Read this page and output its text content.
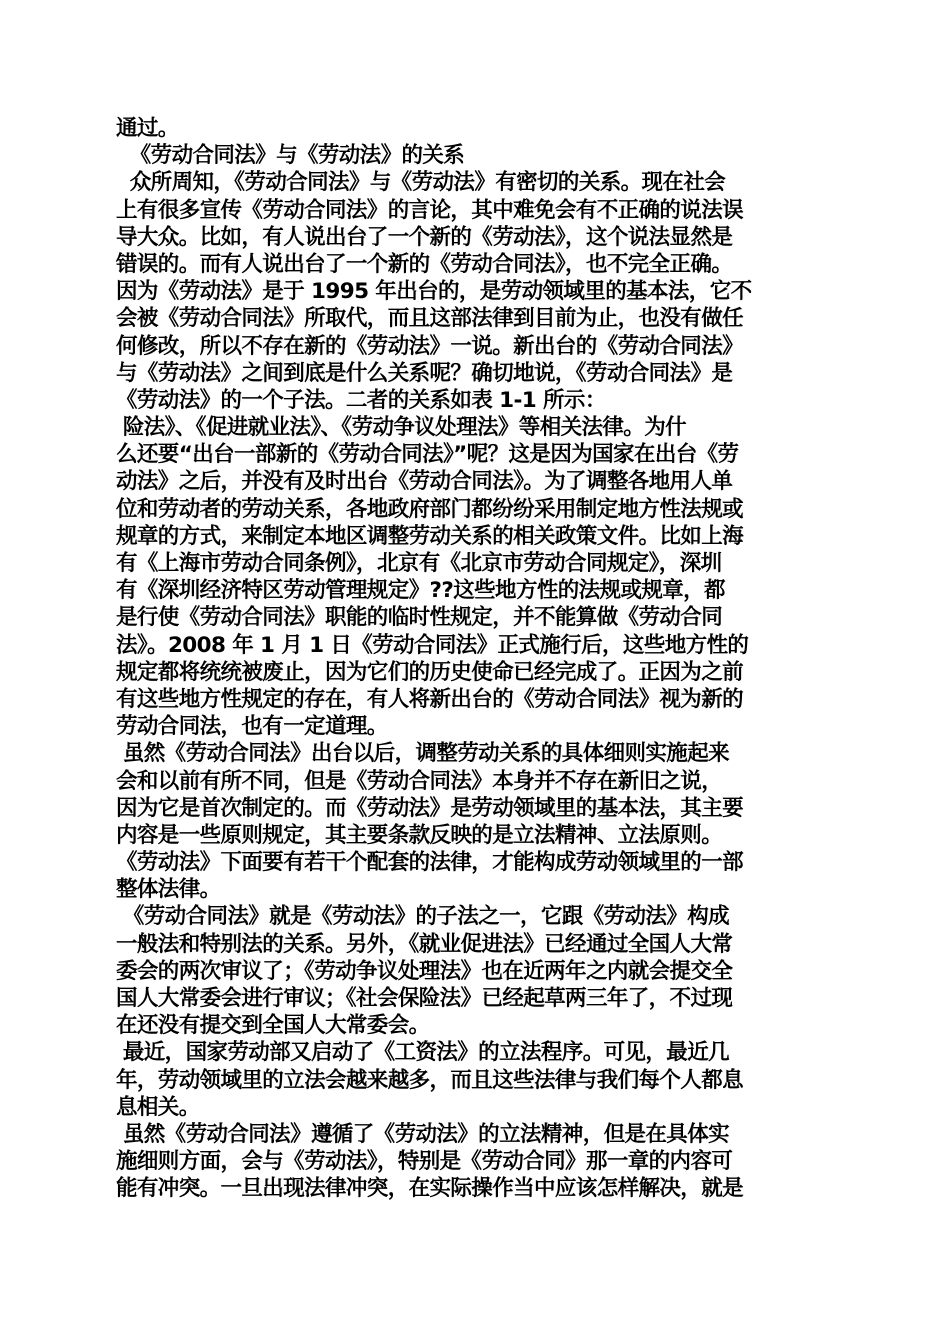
通过。
《劳动合同法》与《劳动法》的关系
众所周知，《劳动合同法》与《劳动法》有密切的关系。现在社会
上有很多宣传《劳动合同法》的言论，其中难免会有不正确的说法误
导大众。比如，有人说出台了一个新的《劳动法》，这个说法显然是
错误的。而有人说出台了一个新的《劳动合同法》，也不完全正确。
因为《劳动法》是于 1995 年出台的，是劳动领域里的基本法，它不
会被《劳动合同法》所取代，而且这部法律到目前为止，也没有做任
何修改，所以不存在新的《劳动法》一说。新出台的《劳动合同法》
与《劳动法》之间到底是什么关系呢？确切地说，《劳动合同法》是
《劳动法》的一个子法。二者的关系如表 1-1 所示：
险法》、《促进就业法》、《劳动争议处理法》等相关法律。为什
么还要“出台一部新的《劳动合同法》”呢？这是因为国家在出台《劳
动法》之后，并没有及时出台《劳动合同法》。为了调整各地用人单
位和劳动者的劳动关系，各地政府部门都纷纷采用制定地方性法规或
规章的方式，来制定本地区调整劳动关系的相关政策文件。比如上海
有《上海市劳动合同条例》，北京有《北京市劳动合同规定》，深圳
有《深圳经济特区劳动管理规定》??这些地方性的法规或规章，都
是行使《劳动合同法》职能的临时性规定，并不能算做《劳动合同
法》。2008 年 1 月 1 日《劳动合同法》正式施行后，这些地方性的
规定都将统统被废止，因为它们的历史使命已经完成了。正因为之前
有这些地方性规定的存在，有人将新出台的《劳动合同法》视为新的
劳动合同法，也有一定道理。
虽然《劳动合同法》出台以后，调整劳动关系的具体细则实施起来
会和以前有所不同，但是《劳动合同法》本身并不存在新旧之说，
因为它是首次制定的。而《劳动法》是劳动领域里的基本法，其主要
内容是一些原则规定，其主要条款反映的是立法精神、立法原则。
《劳动法》下面要有若干个配套的法律，才能构成劳动领域里的一部
整体法律。
《劳动合同法》就是《劳动法》的子法之一，它跟《劳动法》构成
一般法和特别法的关系。另外，《就业促进法》已经通过全国人大常
委会的两次审议了；《劳动争议处理法》也在近两年之内就会提交全
国人大常委会进行审议；《社会保险法》已经起草两三年了，不过现
在还没有提交到全国人大常委会。
最近，国家劳动部又启动了《工资法》的立法程序。可见，最近几
年，劳动领域里的立法会越来越多，而且这些法律与我们每个人都息
息相关。
虽然《劳动合同法》遵循了《劳动法》的立法精神，但是在具体实
施细则方面，会与《劳动法》，特别是《劳动合同》那一章的内容可
能有冲突。一旦出现法律冲突，在实际操作当中应该怎样解决，就是
